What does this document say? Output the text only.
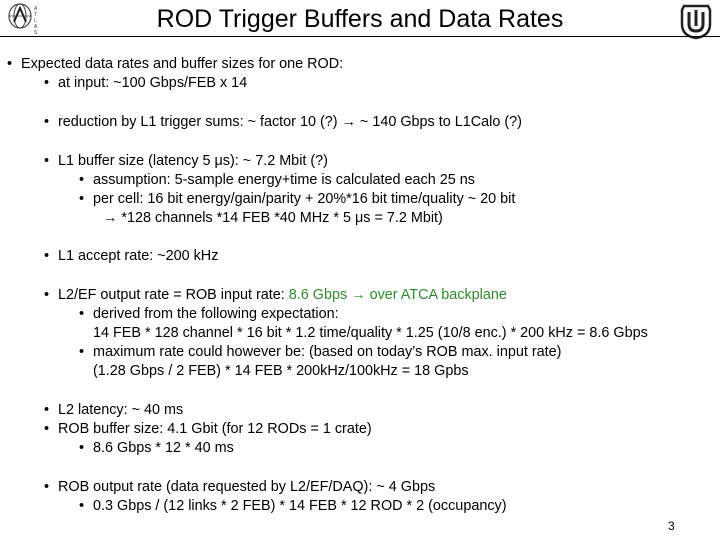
A
T
L
A
S	ROD Trigger Buffers and Data Rates
• Expected data rates and buffer sizes for one ROD:
• at input: ~100 Gbps/FEB x 14
• reduction by L1 trigger sums: ~ factor 10 (?) → ~ 140 Gbps to L1Calo (?)
• L1 buffer size (latency 5 μs): ~ 7.2 Mbit (?)
• assumption: 5-sample energy+time is calculated each 25 ns
• per cell: 16 bit energy/gain/parity + 20%*16 bit time/quality ~ 20 bit
→ *128 channels *14 FEB *40 MHz * 5 μs = 7.2 Mbit)
• L1 accept rate: ~200 kHz
• L2/EF output rate = ROB input rate: 8.6 Gbps → over ATCA backplane
• derived from the following expectation:
14 FEB * 128 channel * 16 bit * 1.2 time/quality * 1.25 (10/8 enc.) * 200 kHz = 8.6 Gbps
• maximum rate could however be: (based on today’s ROB max. input rate)
(1.28 Gbps / 2 FEB) * 14 FEB * 200kHz/100kHz = 18 Gpbs
• L2 latency: ~ 40 ms
• ROB buffer size: 4.1 Gbit (for 12 RODs = 1 crate)
• 8.6 Gbps * 12 * 40 ms
• ROB output rate (data requested by L2/EF/DAQ): ~ 4 Gbps
• 0.3 Gbps / (12 links * 2 FEB) * 14 FEB * 12 ROD * 2 (occupancy)
3
